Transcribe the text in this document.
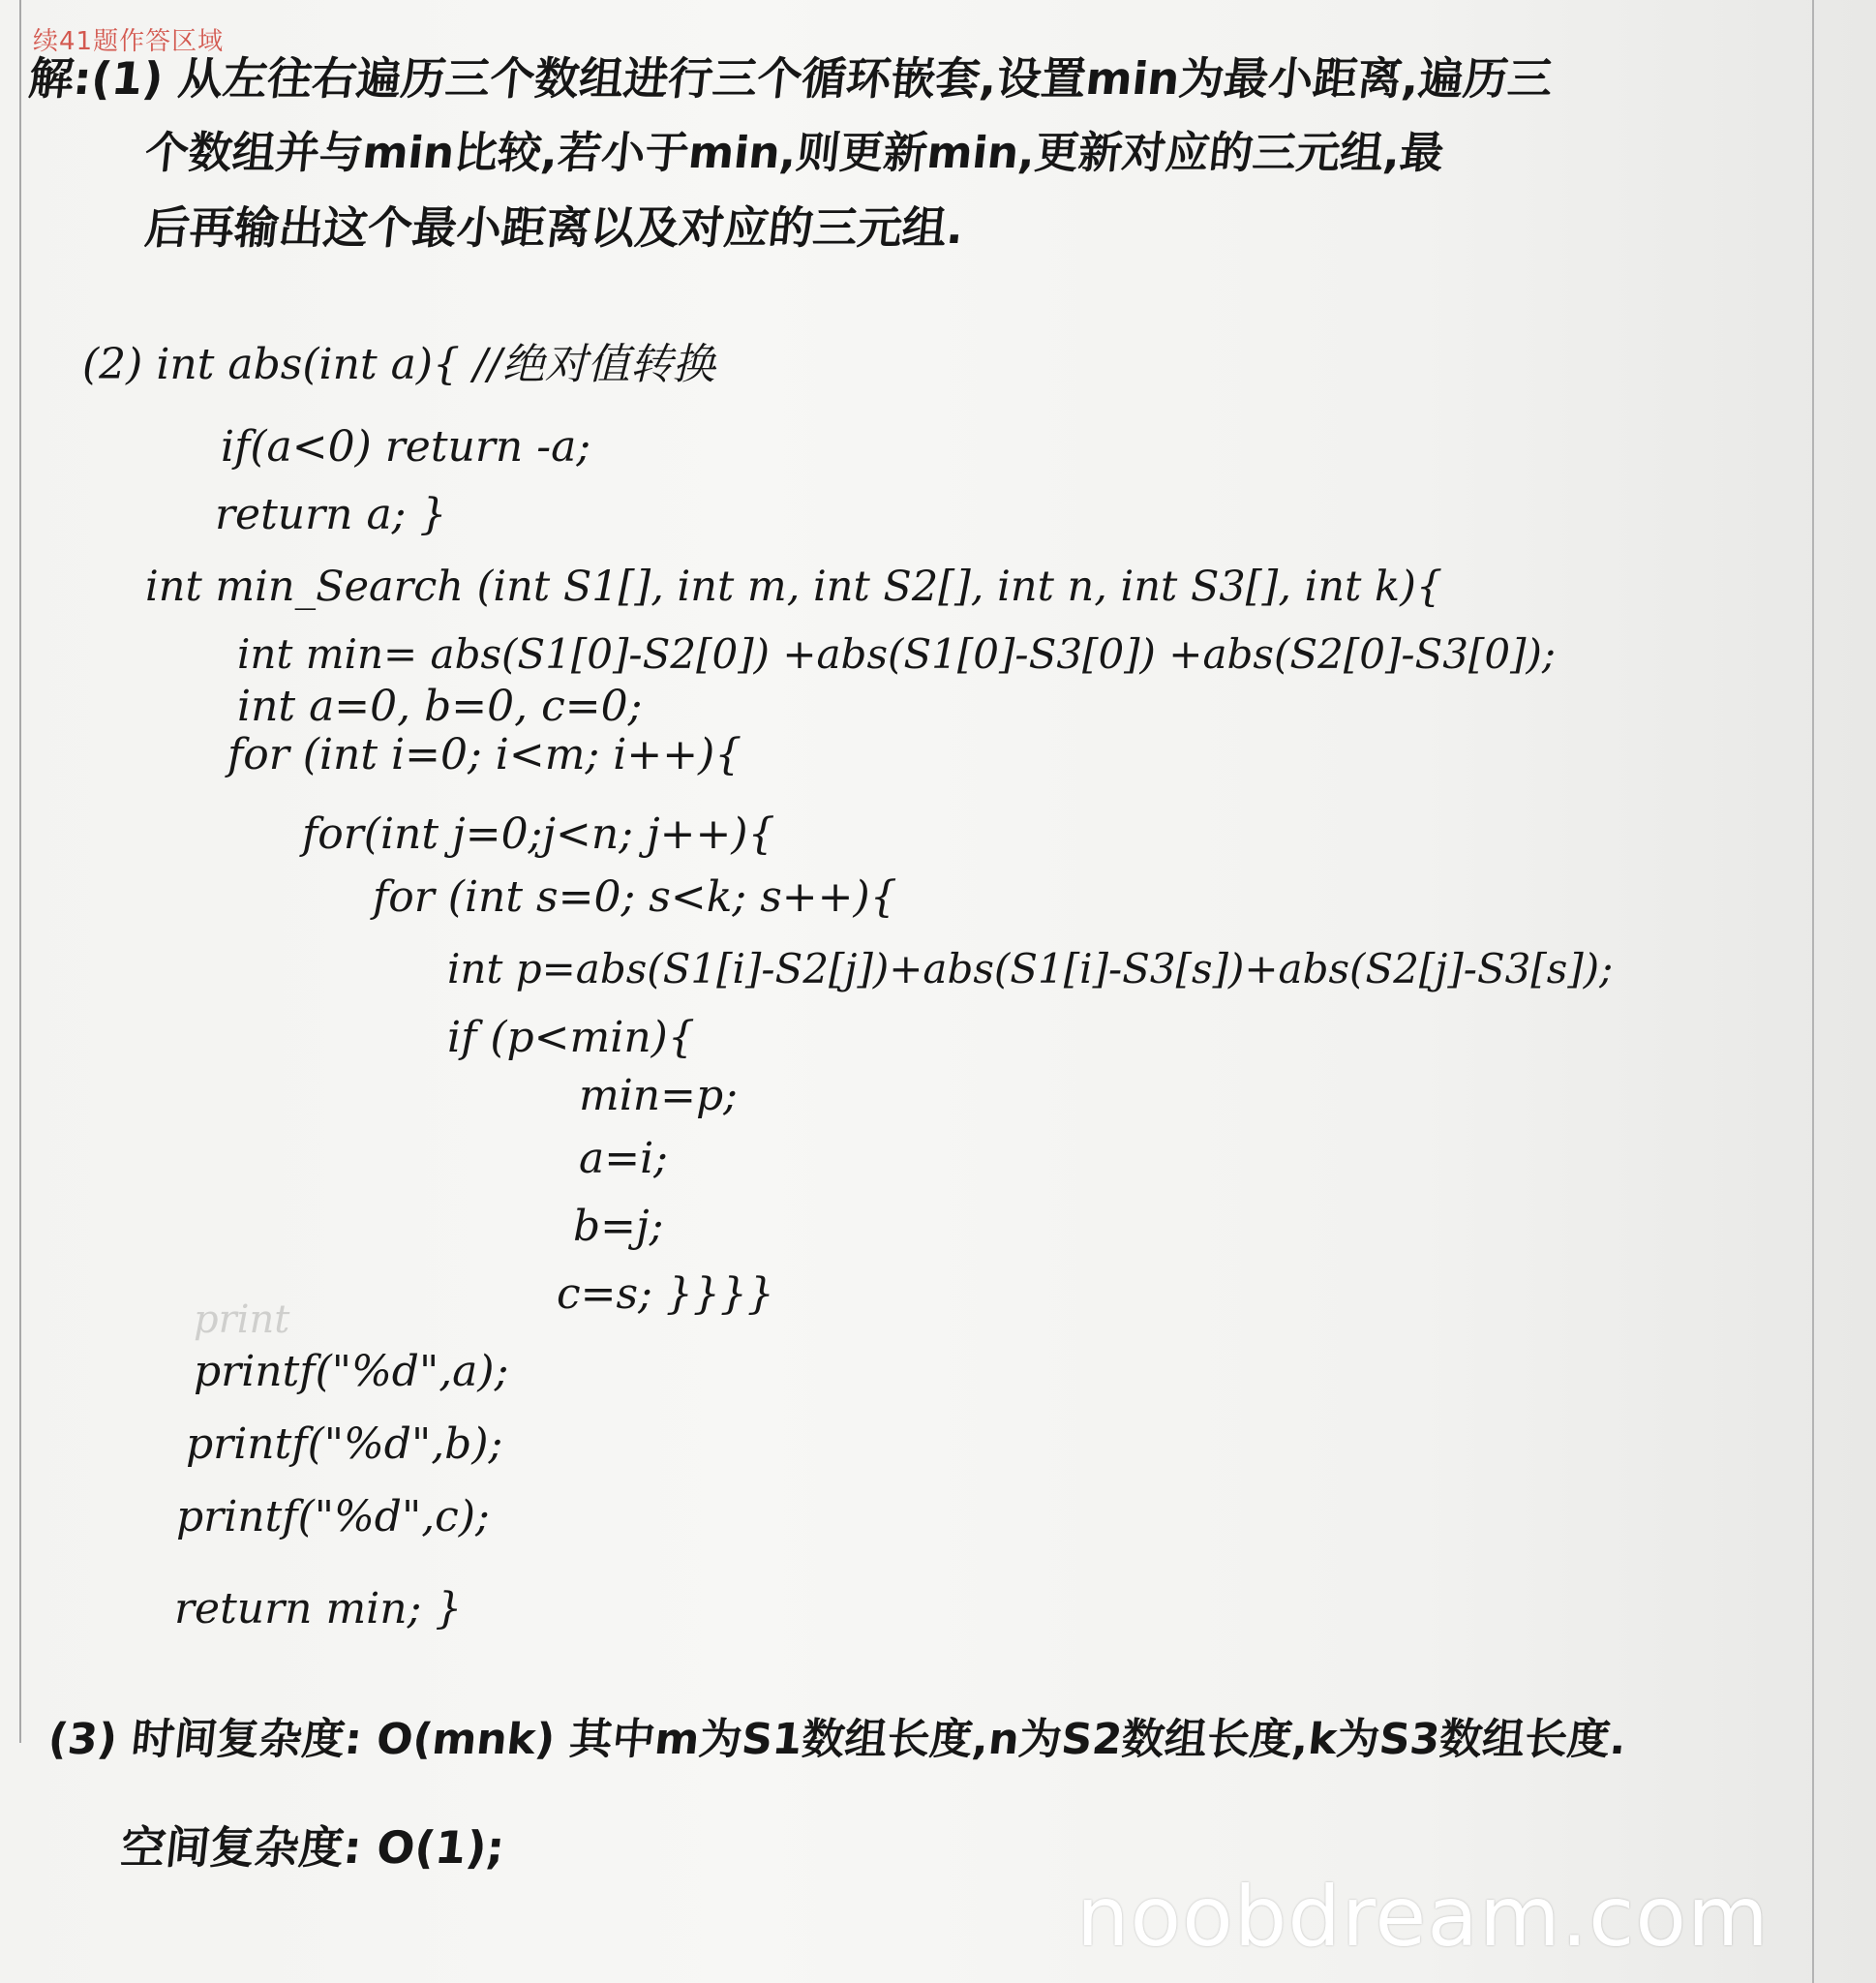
续41题作答区域
解:(1) 从左往右遍历三个数组进行三个循环嵌套,设置min为最小距离,遍历三
个数组并与min比较,若小于min,则更新min,更新对应的三元组,最
后再输出这个最小距离以及对应的三元组.
(2) int abs(int a){ //绝对值转换
if(a<0) return -a;
return a; }
int min_Search (int S1[], int m, int S2[], int n, int S3[], int k){
int min= abs(S1[0]-S2[0]) +abs(S1[0]-S3[0]) +abs(S2[0]-S3[0]);
int a=0, b=0, c=0;
for (int i=0; i<m; i++){
for(int j=0;j<n; j++){
for (int s=0; s<k; s++){
int p=abs(S1[i]-S2[j])+abs(S1[i]-S3[s])+abs(S2[j]-S3[s]);
if (p<min){
min=p;
a=i;
b=j;
c=s; }}}}
print
printf("%d",a);
printf("%d",b);
printf("%d",c);
return min; }
(3) 时间复杂度: O(mnk) 其中m为S1数组长度,n为S2数组长度,k为S3数组长度.
空间复杂度: O(1);
noobdream.com
